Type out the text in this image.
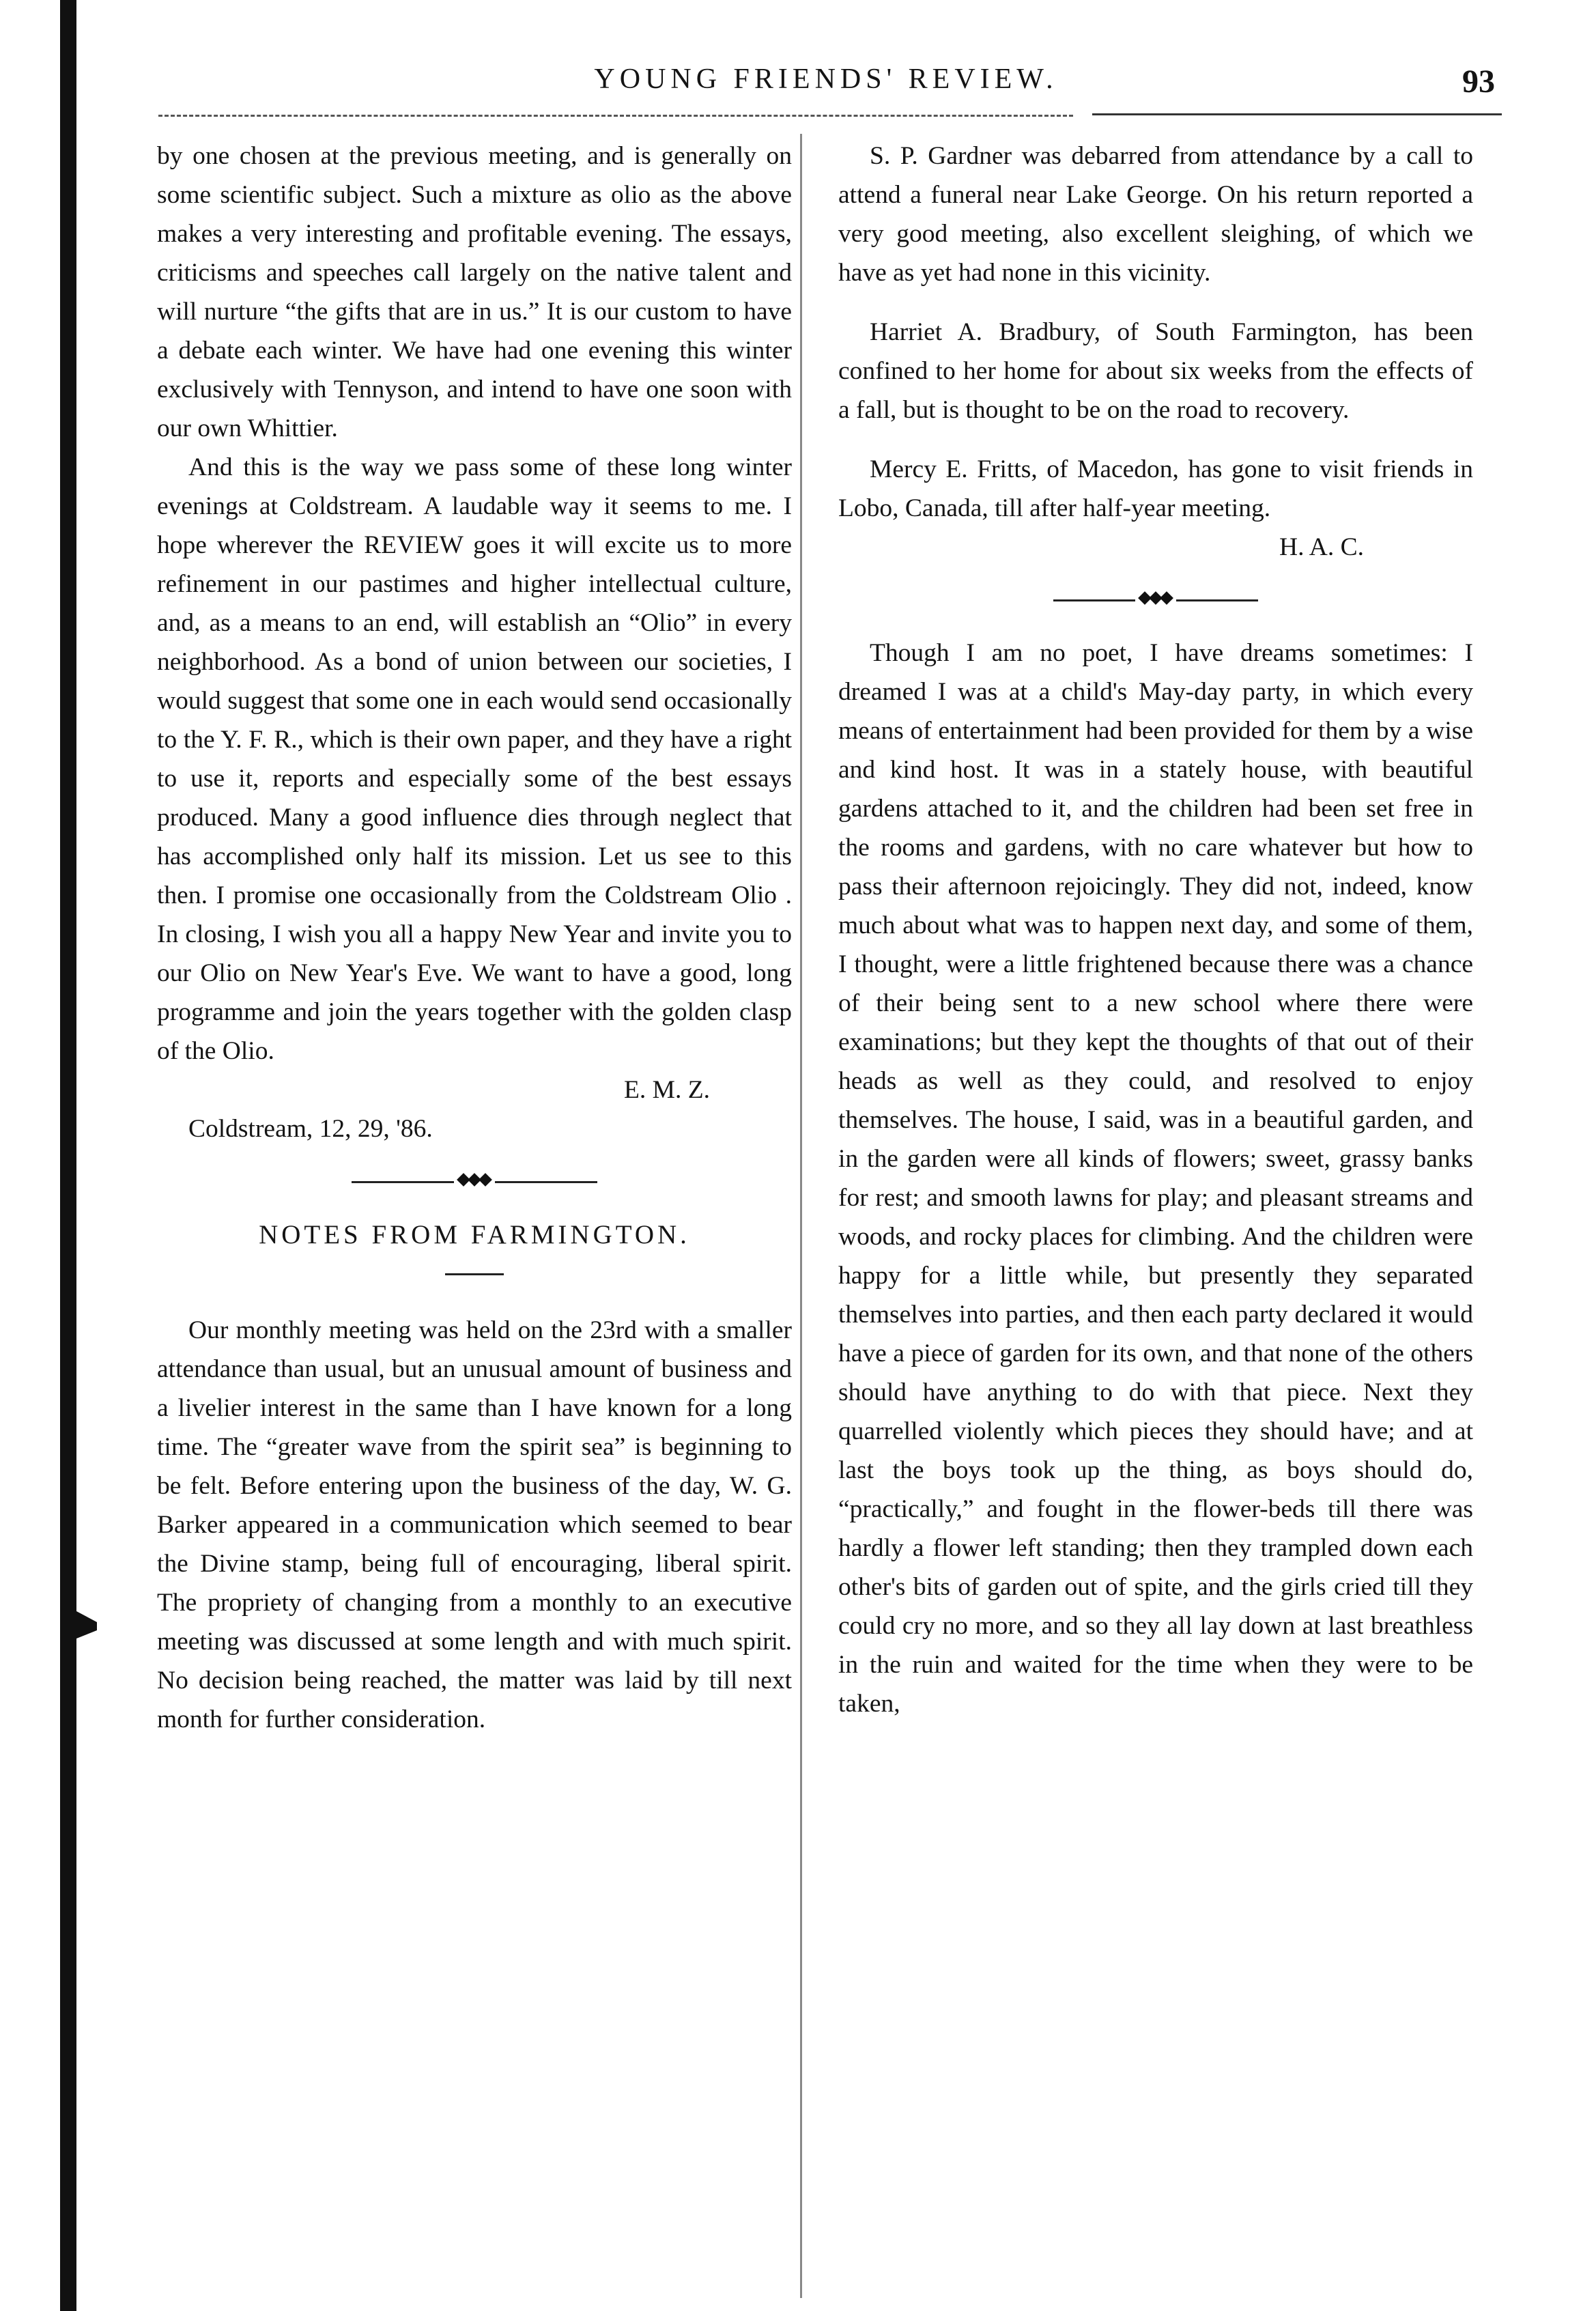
YOUNG FRIENDS' REVIEW.	93

by one chosen at the previous meeting, and is generally on some scientific subject. Such a mixture as olio as the above makes a very interesting and profitable evening. The essays, criticisms and speeches call largely on the native talent and will nurture “the gifts that are in us.” It is our custom to have a debate each winter. We have had one evening this winter exclusively with Tennyson, and intend to have one soon with our own Whittier.

And this is the way we pass some of these long winter evenings at Coldstream. A laudable way it seems to me. I hope wherever the REVIEW goes it will excite us to more refinement in our pastimes and higher intellectual culture, and, as a means to an end, will establish an “Olio” in every neighborhood. As a bond of union between our societies, I would suggest that some one in each would send occasionally to the Y. F. R., which is their own paper, and they have a right to use it, reports and especially some of the best essays produced. Many a good influence dies through neglect that has accomplished only half its mission. Let us see to this then. I promise one occasionally from the Coldstream Olio . In closing, I wish you all a happy New Year and invite you to our Olio on New Year's Eve. We want to have a good, long programme and join the years together with the golden clasp of the Olio.

E. M. Z.
Coldstream, 12, 29, '86.
NOTES FROM FARMINGTON.

Our monthly meeting was held on the 23rd with a smaller attendance than usual, but an unusual amount of business and a livelier interest in the same than I have known for a long time. The “greater wave from the spirit sea” is beginning to be felt. Before entering upon the business of the day, W. G. Barker appeared in a communication which seemed to bear the Divine stamp, being full of encouraging, liberal spirit. The propriety of changing from a monthly to an executive meeting was discussed at some length and with much spirit. No decision being reached, the matter was laid by till next month for further consideration.

S. P. Gardner was debarred from attendance by a call to attend a funeral near Lake George. On his return reported a very good meeting, also excellent sleighing, of which we have as yet had none in this vicinity.

Harriet A. Bradbury, of South Farmington, has been confined to her home for about six weeks from the effects of a fall, but is thought to be on the road to recovery.

Mercy E. Fritts, of Macedon, has gone to visit friends in Lobo, Canada, till after half-year meeting.

H. A. C.

Though I am no poet, I have dreams sometimes: I dreamed I was at a child's May-day party, in which every means of entertainment had been provided for them by a wise and kind host. It was in a stately house, with beautiful gardens attached to it, and the children had been set free in the rooms and gardens, with no care whatever but how to pass their afternoon rejoicingly. They did not, indeed, know much about what was to happen next day, and some of them, I thought, were a little frightened because there was a chance of their being sent to a new school where there were examinations; but they kept the thoughts of that out of their heads as well as they could, and resolved to enjoy themselves. The house, I said, was in a beautiful garden, and in the garden were all kinds of flowers; sweet, grassy banks for rest; and smooth lawns for play; and pleasant streams and woods, and rocky places for climbing. And the children were happy for a little while, but presently they separated themselves into parties, and then each party declared it would have a piece of garden for its own, and that none of the others should have anything to do with that piece. Next they quarrelled violently which pieces they should have; and at last the boys took up the thing, as boys should do, “practically,” and fought in the flower-beds till there was hardly a flower left standing; then they trampled down each other's bits of garden out of spite, and the girls cried till they could cry no more, and so they all lay down at last breathless in the ruin and waited for the time when they were to be taken,
